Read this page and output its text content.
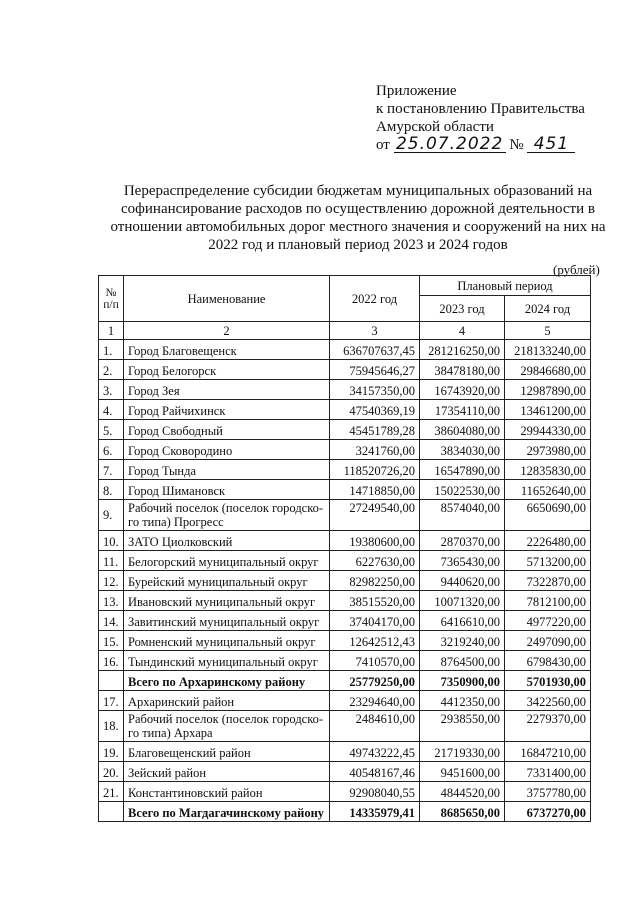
Приложение
к постановлению Правительства
Амурской области
от 25.07.2022 № 451
Перераспределение субсидии бюджетам муниципальных образований на софинансирование расходов по осуществлению дорожной деятельности в отношении автомобильных дорог местного значения и сооружений на них на 2022 год и плановый период 2023 и 2024 годов
(рублей)
№ п/п	Наименование	2022 год	Плановый период	
			2023 год	2024 год
1	2	3	4	5
1.	Город Благовещенск	636707637,45	281216250,00	218133240,00
2.	Город Белогорск	75945646,27	38478180,00	29846680,00
3.	Город Зея	34157350,00	16743920,00	12987890,00
4.	Город Райчихинск	47540369,19	17354110,00	13461200,00
5.	Город Свободный	45451789,28	38604080,00	29944330,00
6.	Город Сковородино	3241760,00	3834030,00	2973980,00
7.	Город Тында	118520726,20	16547890,00	12835830,00
8.	Город Шимановск	14718850,00	15022530,00	11652640,00
9.	Рабочий поселок (поселок городско-го типа) Прогресс	27249540,00	8574040,00	6650690,00
10.	ЗАТО Циолковский	19380600,00	2870370,00	2226480,00
11.	Белогорский муниципальный округ	6227630,00	7365430,00	5713200,00
12.	Бурейский муниципальный округ	82982250,00	9440620,00	7322870,00
13.	Ивановский муниципальный округ	38515520,00	10071320,00	7812100,00
14.	Завитинский муниципальный округ	37404170,00	6416610,00	4977220,00
15.	Ромненский муниципальный округ	12642512,43	3219240,00	2497090,00
16.	Тындинский муниципальный округ	7410570,00	8764500,00	6798430,00
	Всего по Архаринскому району	25779250,00	7350900,00	5701930,00
17.	Архаринский район	23294640,00	4412350,00	3422560,00
18.	Рабочий поселок (поселок городско-го типа) Архара	2484610,00	2938550,00	2279370,00
19.	Благовещенский район	49743222,45	21719330,00	16847210,00
20.	Зейский район	40548167,46	9451600,00	7331400,00
21.	Константиновский район	92908040,55	4844520,00	3757780,00
	Всего по Магдагачинскому району	14335979,41	8685650,00	6737270,00
